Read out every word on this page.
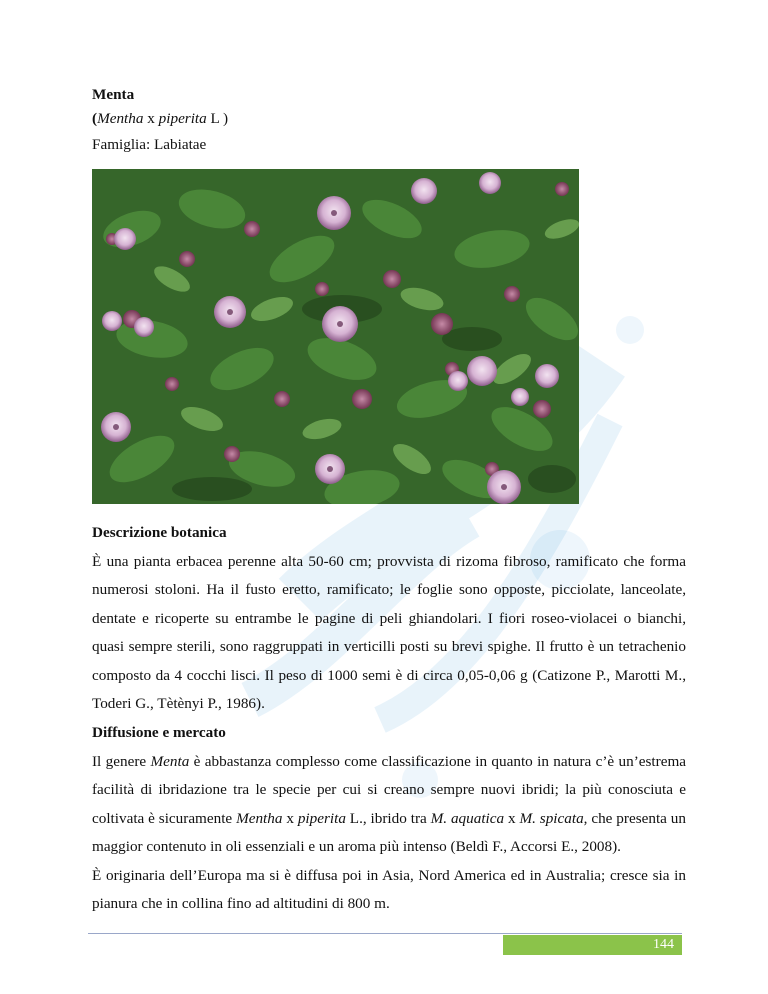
Menta
(Mentha x piperita L )
Famiglia: Labiatae
Descrizione botanica
È una pianta erbacea perenne alta 50-60 cm; provvista di rizoma fibroso, ramificato che forma numerosi stoloni. Ha il fusto eretto, ramificato; le foglie sono opposte, picciolate, lanceolate, dentate e ricoperte su entrambe le pagine di peli ghiandolari. I fiori roseo-violacei o bianchi, quasi sempre sterili, sono raggruppati in verticilli posti su brevi spighe. Il frutto è un tetrachenio composto da 4 cocchi lisci. Il peso di 1000 semi è di circa 0,05-0,06 g (Catizone P., Marotti M., Toderi G., Tètènyi P., 1986).
Diffusione e mercato
Il genere Menta è abbastanza complesso come classificazione in quanto in natura c’è un’estrema facilità di ibridazione tra le specie per cui si creano sempre nuovi ibridi; la più conosciuta e coltivata è sicuramente Mentha x piperita L., ibrido tra M. aquatica x M. spicata, che presenta un maggior contenuto in oli essenziali e un aroma più intenso (Beldì F., Accorsi E., 2008).
È originaria dell’Europa ma si è diffusa poi in Asia, Nord America ed in Australia; cresce sia in pianura che in collina fino ad altitudini di 800 m.
144
